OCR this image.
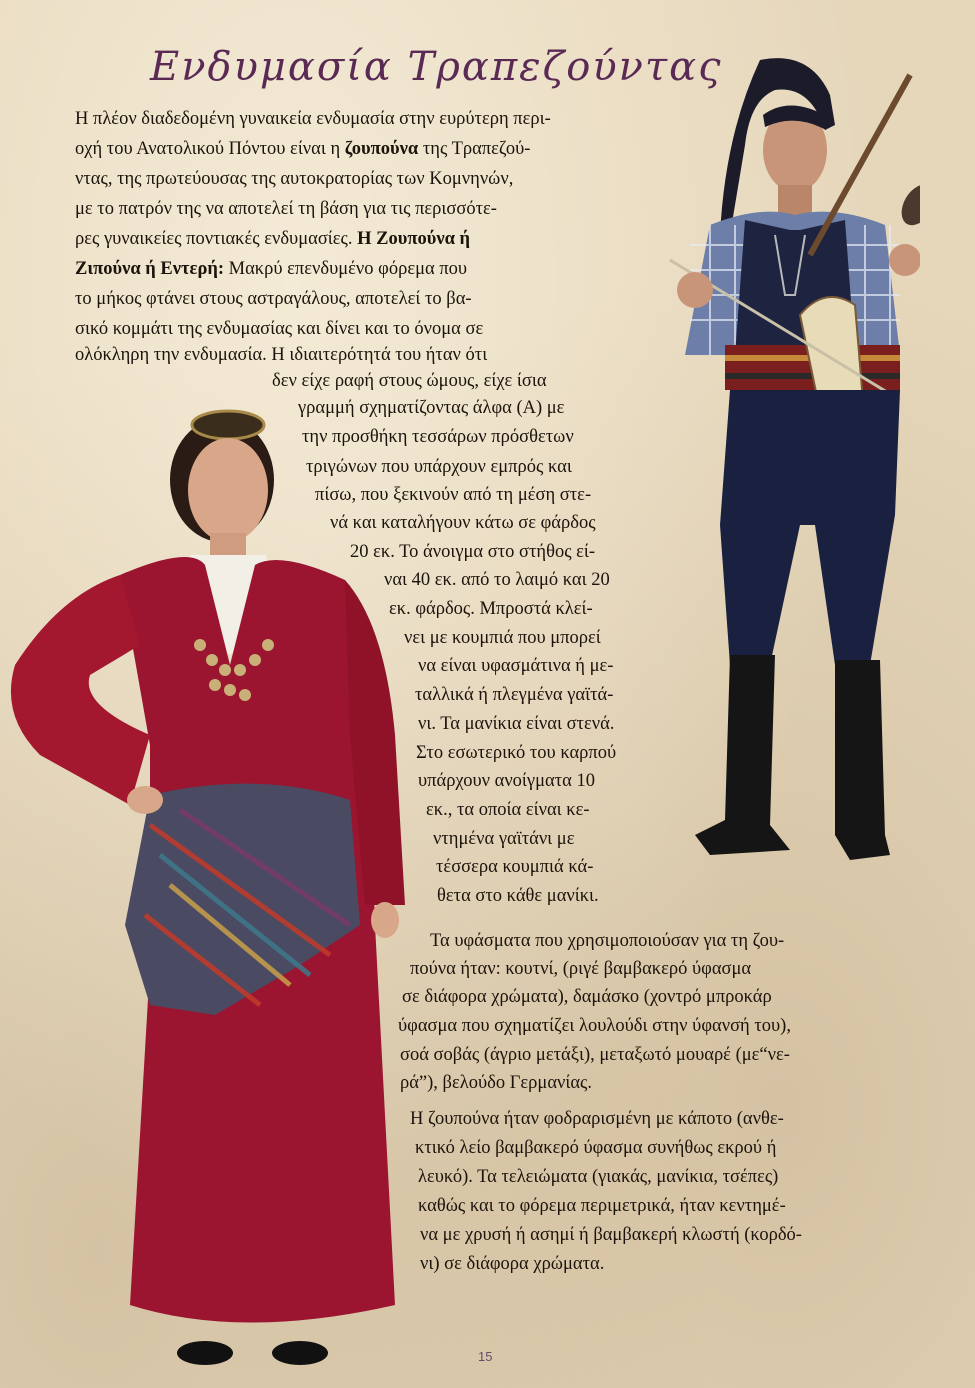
Ενδυμασία Τραπεζούντας
Η πλέον διαδεδομένη γυναικεία ενδυμασία στην ευρύτερη περι-
οχή του Ανατολικού Πόντου είναι η ζουπούνα της Τραπεζού-
ντας, της πρωτεύουσας της αυτοκρατορίας των Κομνηνών,
με το πατρόν της να αποτελεί τη βάση για τις περισσότε-
ρες γυναικείες ποντιακές ενδυμασίες. Η Ζουπούνα ή
Ζιπούνα ή Εντερή: Μακρύ επενδυμένο φόρεμα που
το μήκος φτάνει στους αστραγάλους, αποτελεί το βα-
σικό κομμάτι της ενδυμασίας και δίνει και το όνομα σε
ολόκληρη την ενδυμασία. Η ιδιαιτερότητά του ήταν ότι
δεν είχε ραφή στους ώμους, είχε ίσια
γραμμή σχηματίζοντας άλφα (Α) με
την προσθήκη τεσσάρων πρόσθετων
τριγώνων που υπάρχουν εμπρός και
πίσω, που ξεκινούν από τη μέση στε-
νά και καταλήγουν κάτω σε φάρδος
20 εκ. Το άνοιγμα στο στήθος εί-
ναι 40 εκ. από το λαιμό και 20
εκ. φάρδος. Μπροστά κλεί-
νει με κουμπιά που μπορεί
να είναι υφασμάτινα ή με-
ταλλικά ή πλεγμένα γαϊτά-
νι. Τα μανίκια είναι στενά.
Στο εσωτερικό του καρπού
υπάρχουν ανοίγματα 10
εκ., τα οποία είναι κε-
ντημένα γαϊτάνι με
τέσσερα κουμπιά κά-
θετα στο κάθε μανίκι.
Τα υφάσματα που χρησιμοποιούσαν για τη ζου-
πούνα ήταν: κουτνί, (ριγέ βαμβακερό ύφασμα
σε διάφορα χρώματα), δαμάσκο (χοντρό μπροκάρ
ύφασμα που σχηματίζει λουλούδι στην ύφανσή του),
σοά σοβάς (άγριο μετάξι), μεταξωτό μουαρέ (με“νε-
ρά”), βελούδο Γερμανίας.
Η ζουπούνα ήταν φοδραρισμένη με κάποτο (ανθε-
κτικό λείο βαμβακερό ύφασμα συνήθως εκρού ή
λευκό). Τα τελειώματα (γιακάς, μανίκια, τσέπες)
καθώς και το φόρεμα περιμετρικά, ήταν κεντημέ-
να με χρυσή ή ασημί ή βαμβακερή κλωστή (κορδό-
νι) σε διάφορα χρώματα.
15
